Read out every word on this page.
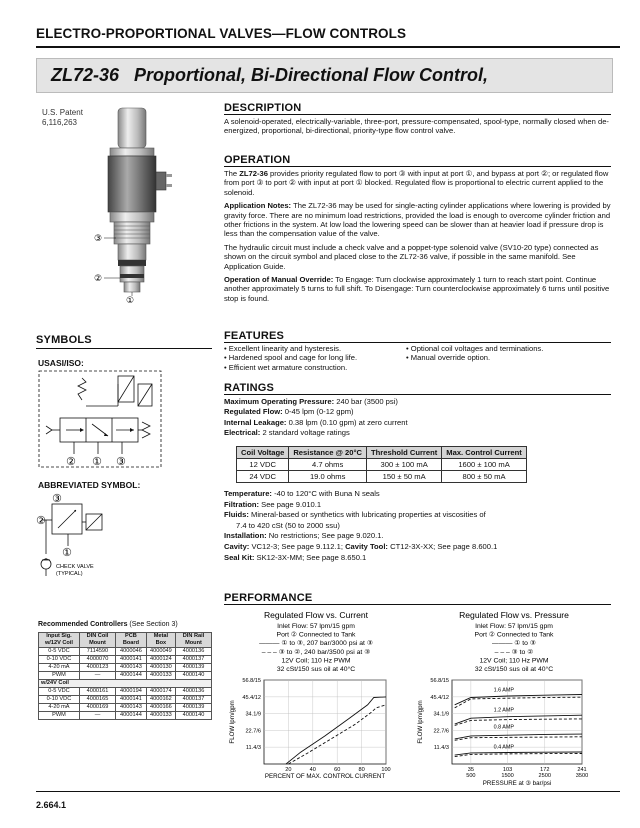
ELECTRO-PROPORTIONAL VALVES—FLOW CONTROLS
ZL72-36 Proportional, Bi-Directional Flow Control,
U.S. Patent
6,116,263
③
②
①
SYMBOLS
USASI/ISO:
② ① ③
ABBREVIATED SYMBOL:
③
②
①
CHECK VALVE
(TYPICAL)
Recommended Controllers (See Section 3)
Input Sig. w/12V Coil	DIN Coil Mount	PCB Board	Metal Box	DIN Rail Mount
0-5 VDC	7114590	4000046	4000049	4000136
0-10 VDC	4000070	4000141	4000124	4000137
4-20 mA	4000123	4000143	4000130	4000139
PWM	—	4000144	4000133	4000140
w/24V Coil				
0-5 VDC	4000161	4000194	4000174	4000136
0-10 VDC	4000165	4000141	4000162	4000137
4-20 mA	4000169	4000143	4000166	4000139
PWM	—	4000144	4000133	4000140
DESCRIPTION
A solenoid-operated, electrically-variable, three-port, pressure-compensated, spool-type, normally closed when de-energized, proportional, bi-directional, priority-type flow control valve.
OPERATION

The ZL72-36 provides priority regulated flow to port ③ with input at port ①, and bypass at port ②; or regulated flow from port ③ to port ② with input at port ① blocked. Regulated flow is proportional to electric current applied to the solenoid.

Application Notes: The ZL72-36 may be used for single-acting cylinder applications where lowering is provided by gravity force. There are no minimum load restrictions, provided the load is enough to overcome cylinder friction and other frictions in the system. At low load the lowering speed can be slower than at heavier load if pressure drop is less than the compensation value of the valve.

The hydraulic circuit must include a check valve and a poppet-type solenoid valve (SV10-20 type) connected as shown on the circuit symbol and placed close to the ZL72-36 valve, if possible in the same manifold. See Application Guide.

Operation of Manual Override: To Engage: Turn clockwise approximately 1 turn to reach start point. Continue another approximately 5 turns to full shift. To Disengage: Turn counterclockwise approximately 6 turns until positive stop is found.

FEATURES
• Excellent linearity and hysteresis.
• Hardened spool and cage for long life.
• Efficient wet armature construction.
• Optional coil voltages and terminations.
• Manual override option.
RATINGS
Maximum Operating Pressure: 240 bar (3500 psi)
Regulated Flow: 0-45 lpm (0-12 gpm)
Internal Leakage: 0.38 lpm (0.10 gpm) at zero current
Electrical: 2 standard voltage ratings
Coil Voltage	Resistance @ 20°C	Threshold Current	Max. Control Current
12 VDC	4.7 ohms	300 ± 100 mA	1600 ± 100 mA
24 VDC	19.0 ohms	150 ± 50 mA	800 ± 50 mA
Temperature: -40 to 120°C with Buna N seals
Filtration: See page 9.010.1
Fluids: Mineral-based or synthetics with lubricating properties at viscosities of
7.4 to 420 cSt (50 to 2000 ssu)
Installation: No restrictions; See page 9.020.1.
Cavity: VC12-3; See page 9.112.1; Cavity Tool: CT12-3X-XX; See page 8.600.1
Seal Kit: SK12-3X-MM; See page 8.650.1
PERFORMANCE
Regulated Flow vs. Current
Inlet Flow: 57 lpm/15 gpm
Port ② Connected to Tank
——— ① to ③, 207 bar/3000 psi at ③
– – – ③ to ②, 240 bar/3500 psi at ③
12V Coil; 110 Hz PWM
32 cSt/150 sus oil at 40°C
56.8/15
45.4/12
34.1/9
22.7/6
11.4/3
20	40	60	80	100
PERCENT OF MAX. CONTROL CURRENT
FLOW lpm/gpm
Regulated Flow vs. Pressure
Inlet Flow: 57 lpm/15 gpm
Port ② Connected to Tank
——— ① to ③
– – – ③ to ②
12V Coil; 110 Hz PWM
32 cSt/150 sus oil at 40°C
56.8/15
45.4/12
34.1/9
22.7/6
11.4/3
35 500
103 1500
172 2500
241 3500
PRESSURE at ③ bar/psi
FLOW lpm/gpm
1.6 AMP
1.2 AMP
0.8 AMP
0.4 AMP
2.664.1
